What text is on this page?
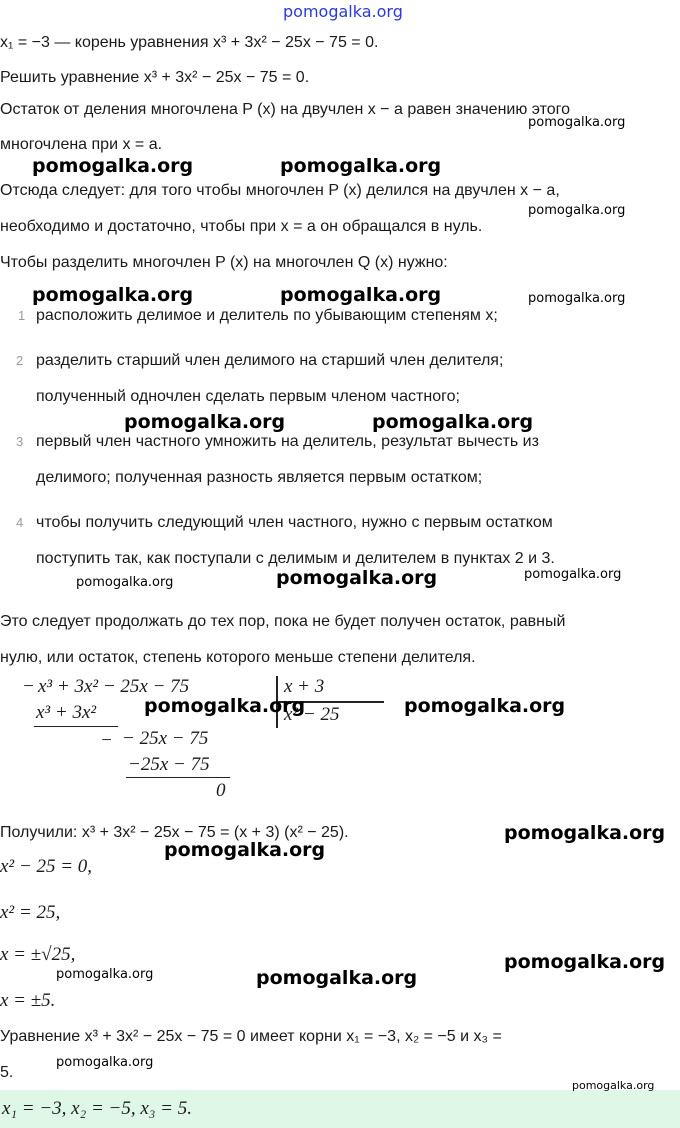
pomogalka.org
x₁ = −3 — корень уравнения x³ + 3x² − 25x − 75 = 0.
Решить уравнение x³ + 3x² − 25x − 75 = 0.
Остаток от деления многочлена P (x) на двучлен x − a равен значению этого
многочлена при x = a.
Отсюда следует: для того чтобы многочлен P (x) делился на двучлен x − a,
необходимо и достаточно, чтобы при x = a он обращался в нуль.
Чтобы разделить многочлен P (x) на многочлен Q (x) нужно:
1 расположить делимое и делитель по убывающим степеням x;
2 разделить старший член делимого на старший член делителя;
полученный одночлен сделать первым членом частного;
3 первый член частного умножить на делитель, результат вычесть из
делимого; полученная разность является первым остатком;
4 чтобы получить следующий член частного, нужно с первым остатком
поступить так, как поступали с делимым и делителем в пунктах 2 и 3.
Это следует продолжать до тех пор, пока не будет получен остаток, равный
нулю, или остаток, степень которого меньше степени делителя.
− x³ + 3x² − 25x − 75	x + 3
x³ + 3x²	x² − 25
− − 25x − 75
−25x − 75
0
Получили: x³ + 3x² − 25x − 75 = (x + 3) (x² − 25).
x² − 25 = 0,
x² = 25,
x = ±√25,
x = ±5.
Уравнение x³ + 3x² − 25x − 75 = 0 имеет корни x₁ = −3, x₂ = −5 и x₃ =
5.
x₁ = −3, x₂ = −5, x₃ = 5.
pomogalka.org
pomogalka.org	pomogalka.org
pomogalka.org
pomogalka.org	pomogalka.org	pomogalka.org
pomogalka.org	pomogalka.org
pomogalka.org
pomogalka.org
pomogalka.org
pomogalka.org	pomogalka.org
pomogalka.org
pomogalka.org
pomogalka.org
pomogalka.org	pomogalka.org
pomogalka.org
pomogalka.org
